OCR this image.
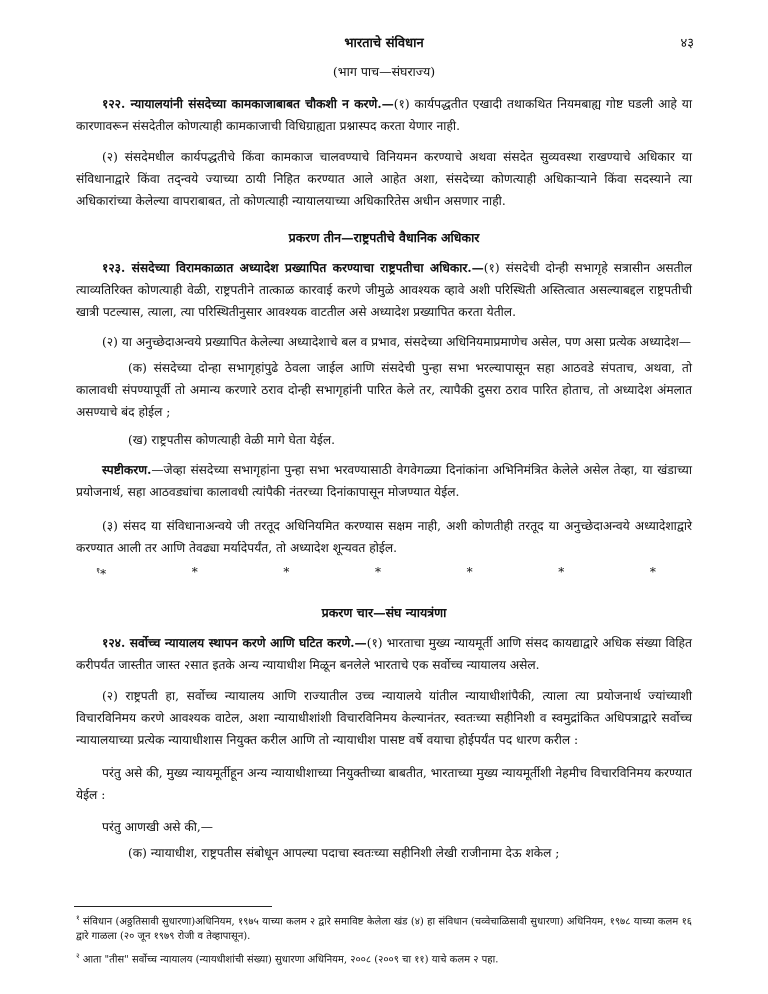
भारताचे संविधान	४३
(भाग पाच—संघराज्य)

१२२. न्यायालयांनी संसदेच्या कामकाजाबाबत चौकशी न करणे.—(१) कार्यपद्धतीत एखादी तथाकथित नियमबाह्य गोष्ट घडली आहे या कारणावरून संसदेतील कोणत्याही कामकाजाची विधिग्राह्यता प्रश्नास्पद करता येणार नाही.

(२) संसदेमधील कार्यपद्धतीचे किंवा कामकाज चालवण्याचे विनियमन करण्याचे अथवा संसदेत सुव्यवस्था राखण्याचे अधिकार या संविधानाद्वारे किंवा तद्न्वये ज्याच्या ठायी निहित करण्यात आले आहेत अशा, संसदेच्या कोणत्याही अधिकाऱ्याने किंवा सदस्याने त्या अधिकारांच्या केलेल्या वापराबाबत, तो कोणत्याही न्यायालयाच्या अधिकारितेस अधीन असणार नाही.

प्रकरण तीन—राष्ट्रपतीचे वैधानिक अधिकार

१२३. संसदेच्या विरामकाळात अध्यादेश प्रख्यापित करण्याचा राष्ट्रपतीचा अधिकार.—(१) संसदेची दोन्ही सभागृहे सत्रासीन असतील त्याव्यतिरिक्त कोणत्याही वेळी, राष्ट्रपतीने तात्काळ कारवाई करणे जीमुळे आवश्यक व्हावे अशी परिस्थिती अस्तित्वात असल्याबद्दल राष्ट्रपतीची खात्री पटल्यास, त्याला, त्या परिस्थितीनुसार आवश्यक वाटतील असे अध्यादेश प्रख्यापित करता येतील.

(२) या अनुच्छेदाअन्वये प्रख्यापित केलेल्या अध्यादेशाचे बल व प्रभाव, संसदेच्या अधिनियमाप्रमाणेच असेल, पण असा प्रत्येक अध्यादेश—

(क) संसदेच्या दोन्हा सभागृहांपुढे ठेवला जाईल आणि संसदेची पुन्हा सभा भरल्यापासून सहा आठवडे संपताच, अथवा, तो कालावधी संपण्यापूर्वी तो अमान्य करणारे ठराव दोन्ही सभागृहांनी पारित केले तर, त्यापैकी दुसरा ठराव पारित होताच, तो अध्यादेश अंमलात असण्याचे बंद होईल ;

(ख) राष्ट्रपतीस कोणत्याही वेळी मागे घेता येईल.

स्पष्टीकरण.—जेव्हा संसदेच्या सभागृहांना पुन्हा सभा भरवण्यासाठी वेगवेगळ्या दिनांकांना अभिनिमंत्रित केलेले असेल तेव्हा, या खंडाच्या प्रयोजनार्थ, सहा आठवड्यांचा कालावधी त्यांपैकी नंतरच्या दिनांकापासून मोजण्यात येईल.

(३) संसद या संविधानाअन्वये जी तरतूद अधिनियमित करण्यास सक्षम नाही, अशी कोणतीही तरतूद या अनुच्छेदाअन्वये अध्यादेशाद्वारे करण्यात आली तर आणि तेवढ्या मर्यादेपर्यंत, तो अध्यादेश शून्यवत होईल.

$^१$*	*	*	*	*	*	*
प्रकरण चार—संघ न्यायत्रंणा

१२४. सर्वोच्च न्यायालय स्थापन करणे आणि घटित करणे.—(१) भारताचा मुख्य न्यायमूर्ती आणि संसद कायद्याद्वारे अधिक संख्या विहित करीपर्यंत जास्तीत जास्त २सात इतके अन्य न्यायाधीश मिळून बनलेले भारताचे एक सर्वोच्च न्यायालय असेल.

(२) राष्ट्रपती हा, सर्वोच्च न्यायालय आणि राज्यातील उच्च न्यायालये यांतील न्यायाधीशांपैकी, त्याला त्या प्रयोजनार्थ ज्यांच्याशी विचारविनिमय करणे आवश्यक वाटेल, अशा न्यायाधीशांशी विचारविनिमय केल्यानंतर, स्वतःच्या सहीनिशी व स्वमुद्रांकित अधिपत्राद्वारे सर्वोच्च न्यायालयाच्या प्रत्येक न्यायाधीशास नियुक्त करील आणि तो न्यायाधीश पासष्ट वर्षे वयाचा होईपर्यंत पद धारण करील :

परंतु असे की, मुख्य न्यायमूर्तीहून अन्य न्यायाधीशाच्या नियुक्तीच्या बाबतीत, भारताच्या मुख्य न्यायमूर्तीशी नेहमीच विचारविनिमय करण्यात येईल :

परंतु आणखी असे की,—

(क) न्यायाधीश, राष्ट्रपतीस संबोधून आपल्या पदाचा स्वतःच्या सहीनिशी लेखी राजीनामा देऊ शकेल ;

$^१$ संविधान (अठ्ठतिसावी सुधारणा)अधिनियम, १९७५ याच्या कलम २ द्वारे समाविष्ट केलेला खंड (४) हा संविधान (चव्वेचाळिसावी सुधारणा) अधिनियम, १९७८ याच्या कलम १६ द्वारे गाळला (२० जून १९७९ रोजी व तेव्हापासून).
$^२$ आता "तीस" सर्वोच्च न्यायालय (न्यायधीशांची संख्या) सुधारणा अधिनियम, २००८ (२००९ चा ११) याचे कलम २ पहा.
